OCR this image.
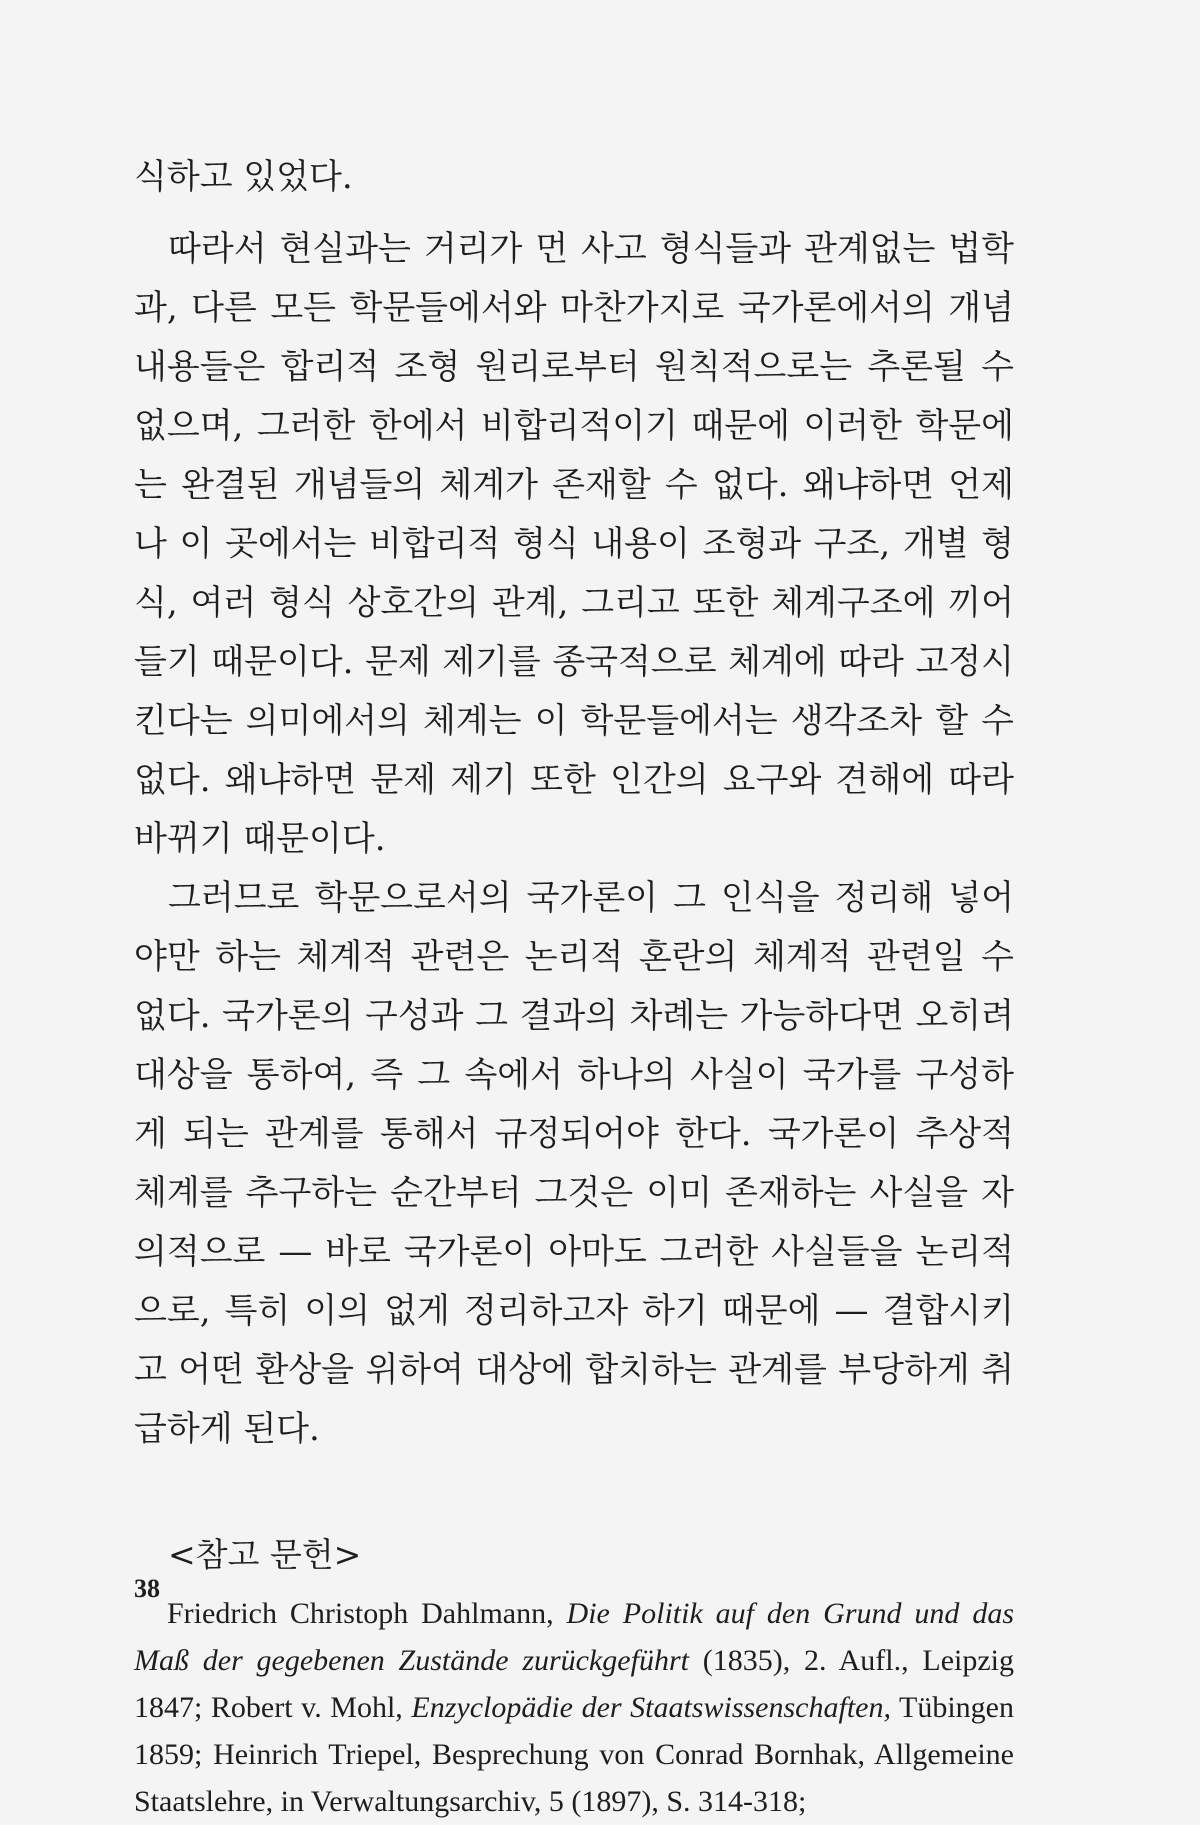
식하고 있었다.

따라서 현실과는 거리가 먼 사고 형식들과 관계없는 법학과, 다른 모든 학문들에서와 마찬가지로 국가론에서의 개념 내용들은 합리적 조형 원리로부터 원칙적으로는 추론될 수 없으며, 그러한 한에서 비합리적이기 때문에 이러한 학문에는 완결된 개념들의 체계가 존재할 수 없다. 왜냐하면 언제나 이 곳에서는 비합리적 형식 내용이 조형과 구조, 개별 형식, 여러 형식 상호간의 관계, 그리고 또한 체계구조에 끼어들기 때문이다. 문제 제기를 종국적으로 체계에 따라 고정시킨다는 의미에서의 체계는 이 학문들에서는 생각조차 할 수 없다. 왜냐하면 문제 제기 또한 인간의 요구와 견해에 따라 바뀌기 때문이다.

그러므로 학문으로서의 국가론이 그 인식을 정리해 넣어야만 하는 체계적 관련은 논리적 혼란의 체계적 관련일 수 없다. 국가론의 구성과 그 결과의 차례는 가능하다면 오히려 대상을 통하여, 즉 그 속에서 하나의 사실이 국가를 구성하게 되는 관계를 통해서 규정되어야 한다. 국가론이 추상적 체계를 추구하는 순간부터 그것은 이미 존재하는 사실을 자의적으로 — 바로 국가론이 아마도 그러한 사실들을 논리적으로, 특히 이의 없게 정리하고자 하기 때문에 — 결합시키고 어떤 환상을 위하여 대상에 합치하는 관계를 부당하게 취급하게 된다.

<참고 문헌>

Friedrich Christoph Dahlmann, Die Politik auf den Grund und das Maß der gegebenen Zustände zurückgeführt (1835), 2. Aufl., Leipzig 1847; Robert v. Mohl, Enzyclopädie der Staatswissenschaften, Tübingen 1859; Heinrich Triepel, Besprechung von Conrad Bornhak, Allgemeine Staatslehre, in Verwaltungsarchiv, 5 (1897), S. 314-318;

38
